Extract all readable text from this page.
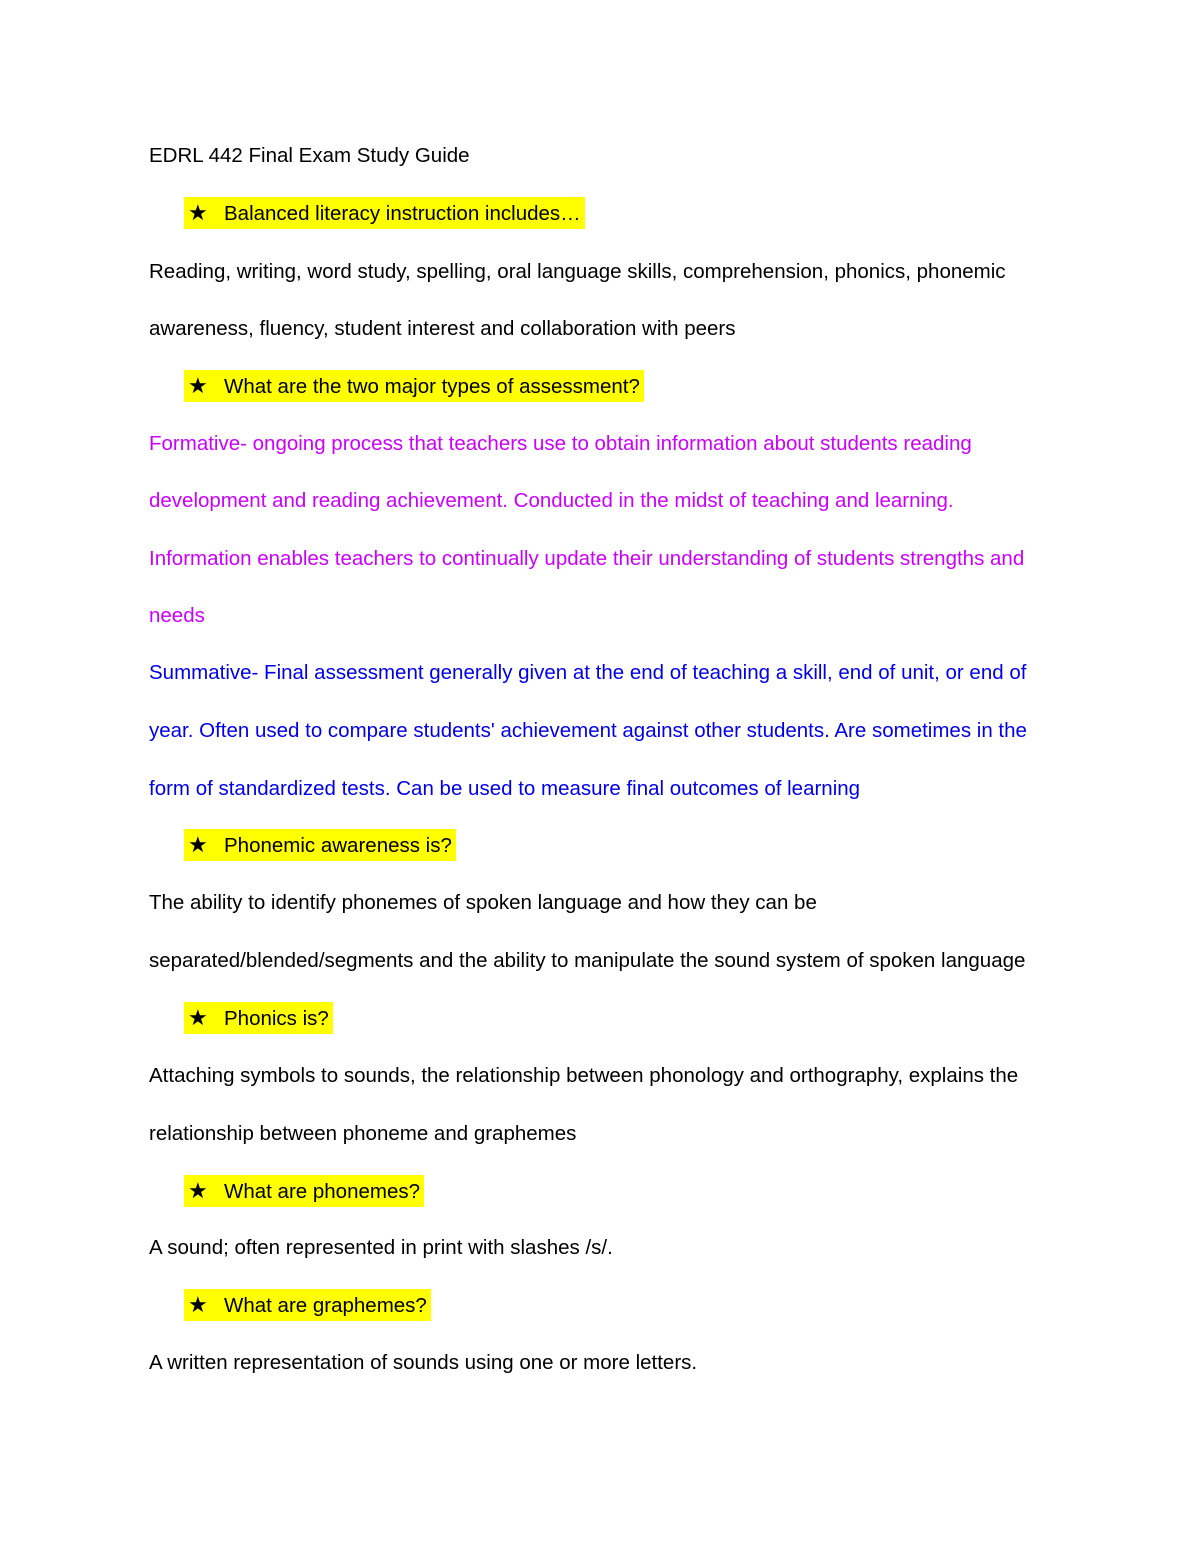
EDRL 442 Final Exam Study Guide
★ Balanced literacy instruction includes…
Reading, writing, word study, spelling, oral language skills, comprehension, phonics, phonemic
awareness, fluency, student interest and collaboration with peers
★ What are the two major types of assessment?
Formative- ongoing process that teachers use to obtain information about students reading
development and reading achievement. Conducted in the midst of teaching and learning.
Information enables teachers to continually update their understanding of students strengths and
needs
Summative- Final assessment generally given at the end of teaching a skill, end of unit, or end of
year. Often used to compare students' achievement against other students. Are sometimes in the
form of standardized tests. Can be used to measure final outcomes of learning
★ Phonemic awareness is?
The ability to identify phonemes of spoken language and how they can be
separated/blended/segments and the ability to manipulate the sound system of spoken language
★Phonics is?
Attaching symbols to sounds, the relationship between phonology and orthography, explains the
relationship between phoneme and graphemes
★ What are phonemes?
A sound; often represented in print with slashes /s/.
★ What are graphemes?
A written representation of sounds using one or more letters.
